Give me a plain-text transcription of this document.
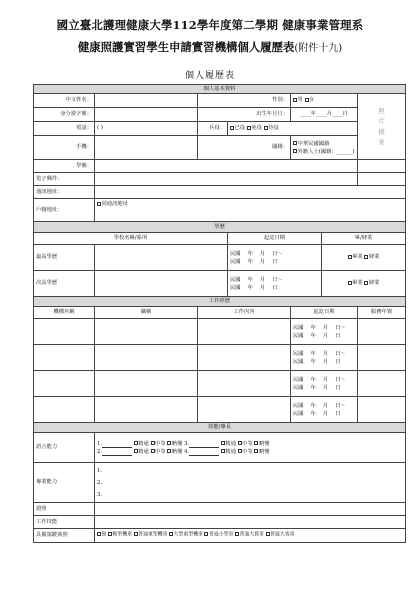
國立臺北護理健康大學112學年度第二學期 健康事業管理系
健康照護實習學生申請實習機構個人履歷表(附件十九)
個人履歷表
個人基本資料						
中文姓名：		性別：		男 女		照片檔案
身分證字號：		出生年月日：		____年____月____日		
電話：	( )	兵役：	已役 免役 待役			
手機：		國籍：		中華民國國籍
外籍人士(國籍：______)		

學號：						
電子郵件：						
通訊地址：						
戶籍地址：	同通訊地址					
學歷						
學校名稱/系所			起訖日期		畢/肄業	
最高學歷			民國　 年　 月　 日～
民國　 年　 月　 日		畢業 肄業	
次高學歷			民國　 年　 月　 日～
民國　 年　 月　 日		畢業 肄業	
工作經歷						
機構名稱	職稱	工作內容		起訖日期		服務年資

				民國　 年　 月　 日～
民國　 年　 月　 日		

				民國　 年　 月　 日～
民國　 年　 月　 日		

				民國　 年　 月　 日～
民國　 年　 月　 日		

				民國　 年　 月　 日～
民國　 年　 月　 日		

技能/專長						
語言能力	1. 精通 中等 略懂 3. 精通 中等 略懂
2. 精通 中等 略懂 4. 精通 中等 略懂					

專業能力	1.
2.
3.					

證照						
工作技能						
具備駕駛執照	無 輕型機車 普通重型機車 大型重型機車 普通小型車 普通大貨車 普通大客車					
